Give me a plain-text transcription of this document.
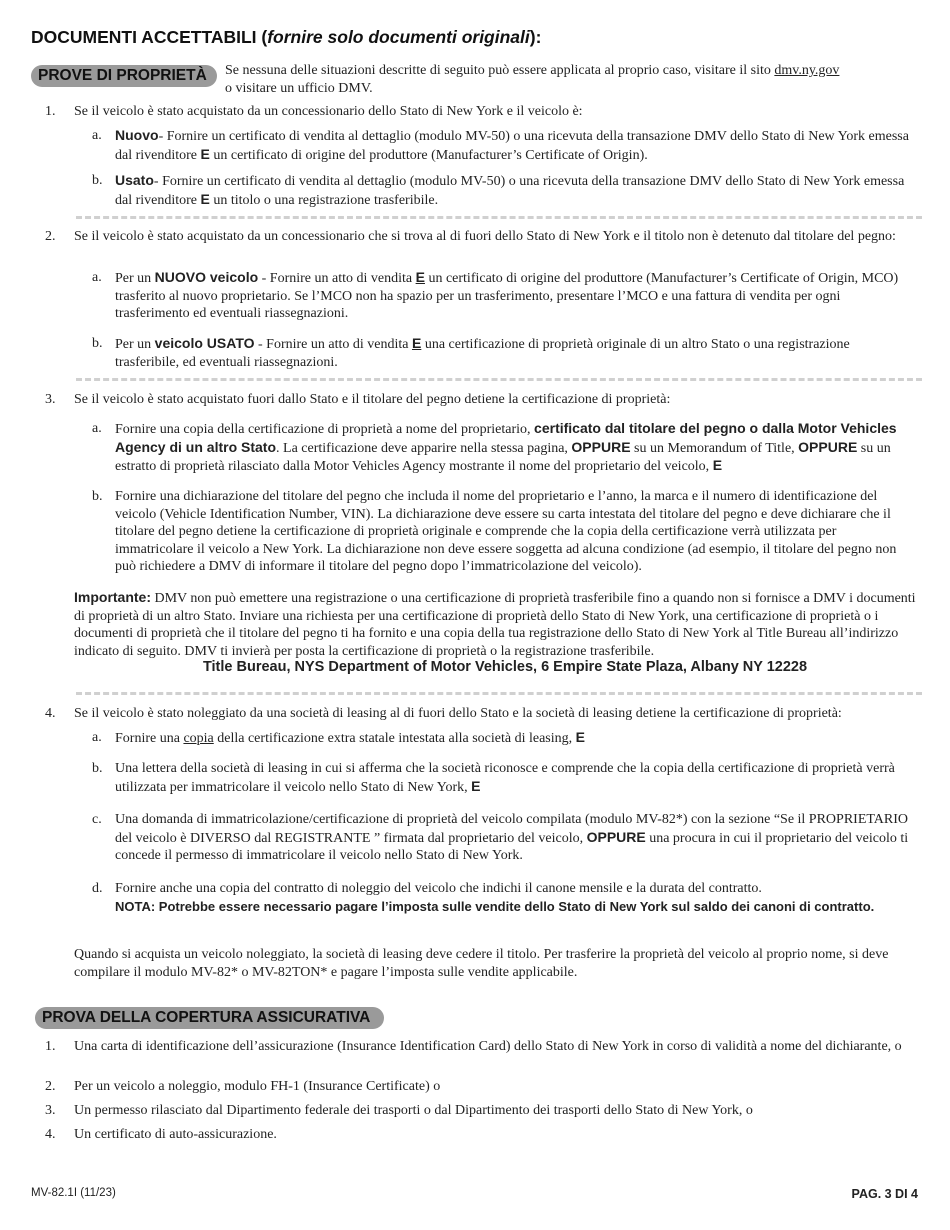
DOCUMENTI ACCETTABILI (fornire solo documenti originali):
PROVE DI PROPRIETÀ	Se nessuna delle situazioni descritte di seguito può essere applicata al proprio caso, visitare il sito dmv.ny.gov
o visitare un ufficio DMV.
1. Se il veicolo è stato acquistato da un concessionario dello Stato di New York e il veicolo è:
a. Nuovo- Fornire un certificato di vendita al dettaglio (modulo MV-50) o una ricevuta della transazione DMV dello Stato di New York emessa dal rivenditore E un certificato di origine del produttore (Manufacturer’s Certificate of Origin).
b. Usato- Fornire un certificato di vendita al dettaglio (modulo MV-50) o una ricevuta della transazione DMV dello Stato di New York emessa dal rivenditore E un titolo o una registrazione trasferibile.
2. Se il veicolo è stato acquistato da un concessionario che si trova al di fuori dello Stato di New York e il titolo non è detenuto dal titolare del pegno:
a. Per un NUOVO veicolo - Fornire un atto di vendita E un certificato di origine del produttore (Manufacturer’s Certificate of Origin, MCO) trasferito al nuovo proprietario. Se l’MCO non ha spazio per un trasferimento, presentare l’MCO e una fattura di vendita per ogni trasferimento ed eventuali riassegnazioni.
b. Per un veicolo USATO - Fornire un atto di vendita E una certificazione di proprietà originale di un altro Stato o una registrazione trasferibile, ed eventuali riassegnazioni.
3. Se il veicolo è stato acquistato fuori dallo Stato e il titolare del pegno detiene la certificazione di proprietà:
a. Fornire una copia della certificazione di proprietà a nome del proprietario, certificato dal titolare del pegno o dalla Motor Vehicles Agency di un altro Stato. La certificazione deve apparire nella stessa pagina, OPPURE su un Memorandum of Title, OPPURE su un estratto di proprietà rilasciato dalla Motor Vehicles Agency mostrante il nome del proprietario del veicolo, E
b. Fornire una dichiarazione del titolare del pegno che includa il nome del proprietario e l’anno, la marca e il numero di identificazione del veicolo (Vehicle Identification Number, VIN). La dichiarazione deve essere su carta intestata del titolare del pegno e deve dichiarare che il titolare del pegno detiene la certificazione di proprietà originale e comprende che la copia della certificazione verrà utilizzata per immatricolare il veicolo a New York. La dichiarazione non deve essere soggetta ad alcuna condizione (ad esempio, il titolare del pegno non può richiedere a DMV di informare il titolare del pegno dopo l’immatricolazione del veicolo).
Importante: DMV non può emettere una registrazione o una certificazione di proprietà trasferibile fino a quando non si fornisce a DMV i documenti di proprietà di un altro Stato. Inviare una richiesta per una certificazione di proprietà dello Stato di New York, una certificazione di proprietà o i documenti di proprietà che il titolare del pegno ti ha fornito e una copia della tua registrazione dello Stato di New York al Title Bureau all’indirizzo indicato di seguito. DMV ti invierà per posta la certificazione di proprietà o la registrazione trasferibile.
Title Bureau, NYS Department of Motor Vehicles, 6 Empire State Plaza, Albany NY 12228
4. Se il veicolo è stato noleggiato da una società di leasing al di fuori dello Stato e la società di leasing detiene la certificazione di proprietà:
a. Fornire una copia della certificazione extra statale intestata alla società di leasing, E
b. Una lettera della società di leasing in cui si afferma che la società riconosce e comprende che la copia della certificazione di proprietà verrà utilizzata per immatricolare il veicolo nello Stato di New York, E
c. Una domanda di immatricolazione/certificazione di proprietà del veicolo compilata (modulo MV-82*) con la sezione “Se il PROPRIETARIO del veicolo è DIVERSO dal REGISTRANTE ” firmata dal proprietario del veicolo, OPPURE una procura in cui il proprietario del veicolo ti concede il permesso di immatricolare il veicolo nello Stato di New York.
d. Fornire anche una copia del contratto di noleggio del veicolo che indichi il canone mensile e la durata del contratto.
NOTA: Potrebbe essere necessario pagare l’imposta sulle vendite dello Stato di New York sul saldo dei canoni di contratto.
Quando si acquista un veicolo noleggiato, la società di leasing deve cedere il titolo. Per trasferire la proprietà del veicolo al proprio nome, si deve compilare il modulo MV-82* o MV-82TON* e pagare l’imposta sulle vendite applicabile.
PROVA DELLA COPERTURA ASSICURATIVA
1. Una carta di identificazione dell’assicurazione (Insurance Identification Card) dello Stato di New York in corso di validità a nome del dichiarante, o
2. Per un veicolo a noleggio, modulo FH-1 (Insurance Certificate) o
3. Un permesso rilasciato dal Dipartimento federale dei trasporti o dal Dipartimento dei trasporti dello Stato di New York, o
4. Un certificato di auto-assicurazione.
MV-82.1I (11/23)	PAG. 3 DI 4
